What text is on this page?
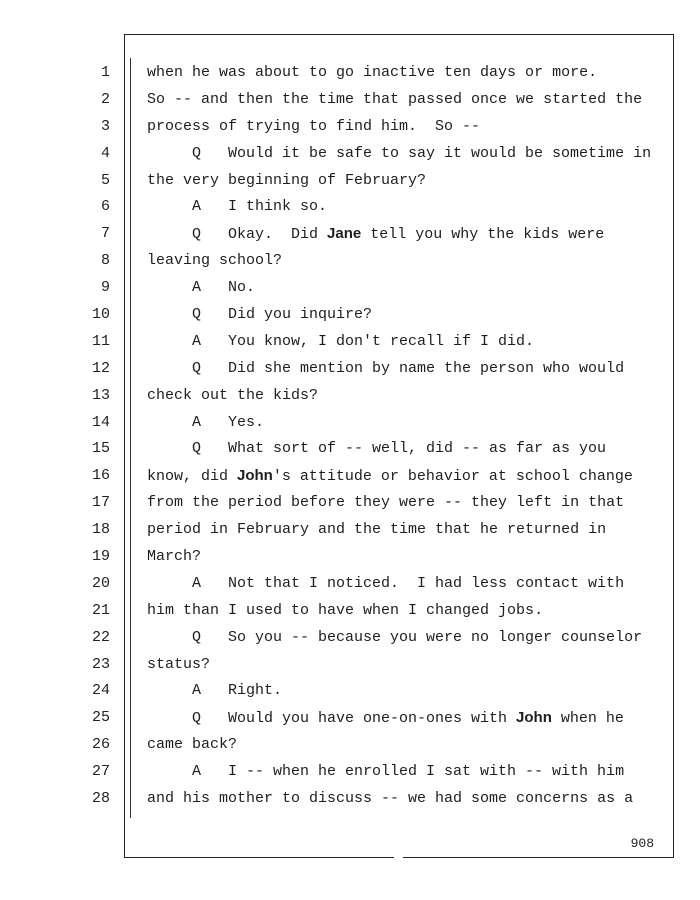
1
2
3
4
5
6
7
8
9
10
11
12
13
14
15
16
17
18
19
20
21
22
23
24
25
26
27
28
when he was about to go inactive ten days or more.
So -- and then the time that passed once we started the
process of trying to find him.  So --
Q Would it be safe to say it would be sometime in
the very beginning of February?
A I think so.
Q Okay.  Did Jane tell you why the kids were
leaving school?
A No.
Q Did you inquire?
A You know, I don't recall if I did.
Q Did she mention by name the person who would
check out the kids?
A Yes.
Q What sort of -- well, did -- as far as you
know, did John's attitude or behavior at school change
from the period before they were -- they left in that
period in February and the time that he returned in
March?
A Not that I noticed.  I had less contact with
him than I used to have when I changed jobs.
Q So you -- because you were no longer counselor
status?
A Right.
Q Would you have one-on-ones with John when he
came back?
A I -- when he enrolled I sat with -- with him
and his mother to discuss -- we had some concerns as a
908
